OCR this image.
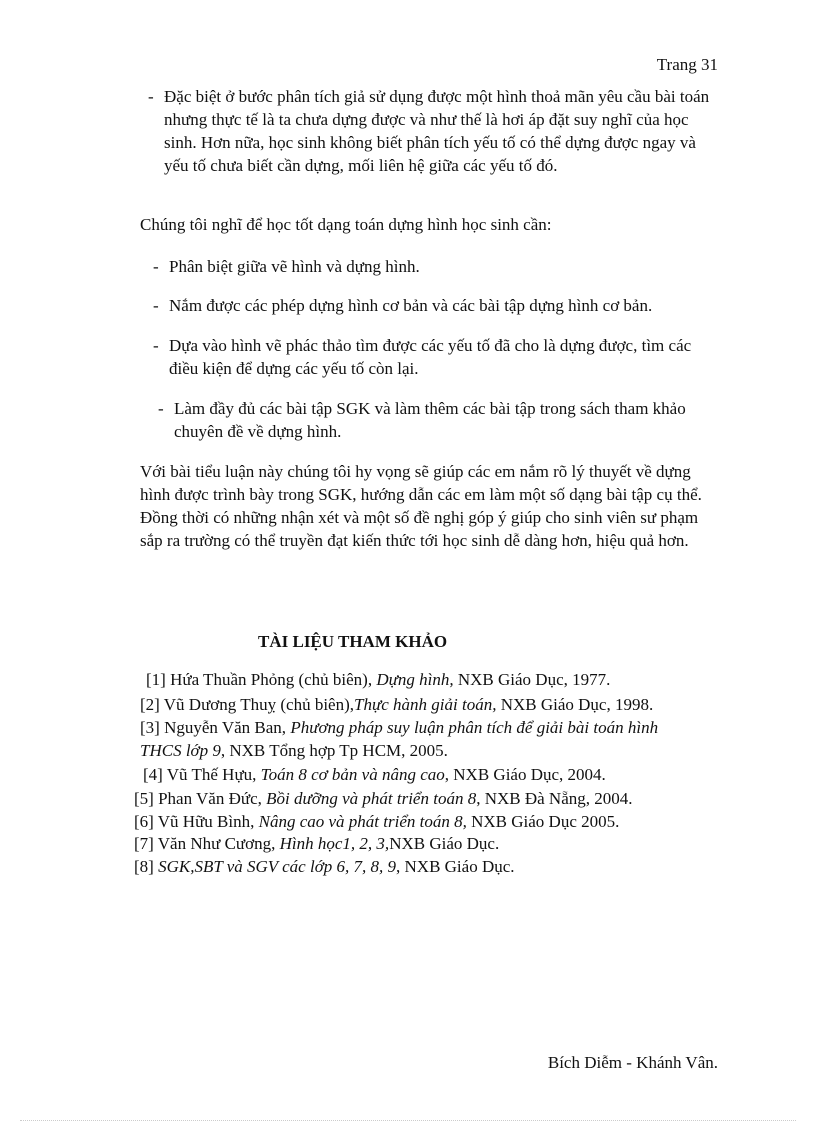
Trang 31
- Đặc biệt ở bước phân tích giả sử dụng được một hình thoả mãn yêu cầu bài toán nhưng thực tế là ta chưa dựng được và như thế là hơi áp đặt suy nghĩ của học sinh. Hơn nữa, học sinh không biết phân tích yếu tố có thể dựng được ngay và yếu tố chưa biết cần dựng, mối liên hệ giữa các yếu tố đó.
Chúng tôi nghĩ để học tốt dạng toán dựng hình học sinh cần:
- Phân biệt giữa vẽ hình và dựng hình.
- Nắm được các phép dựng hình cơ bản và các bài tập dựng hình cơ bản.
- Dựa vào hình vẽ phác thảo tìm được các yếu tố đã cho là dựng được, tìm các điều kiện để dựng các yếu tố còn lại.
- Làm đầy đủ các bài tập SGK và làm thêm các bài tập trong sách tham khảo chuyên đề về dựng hình.
Với bài tiểu luận này chúng tôi hy vọng sẽ giúp các em nắm rõ lý thuyết về dựng hình được trình bày trong SGK, hướng dẫn các em làm một số dạng bài tập cụ thể. Đồng thời có những nhận xét và một số đề nghị góp ý giúp cho sinh viên sư phạm sắp ra trường có thể truyền đạt kiến thức tới học sinh dễ dàng hơn, hiệu quả hơn.
TÀI LIỆU THAM KHẢO
[1] Hứa Thuần Phỏng (chủ biên), Dựng hình, NXB Giáo Dục, 1977.
[2] Vũ Dương Thuỵ (chủ biên),Thực hành giải toán, NXB Giáo Dục, 1998.
[3] Nguyễn Văn Ban, Phương pháp suy luận phân tích để giải bài toán hình
THCS lớp 9, NXB Tổng hợp Tp HCM, 2005.
[4] Vũ Thế Hựu, Toán 8 cơ bản và nâng cao, NXB Giáo Dục, 2004.
[5] Phan Văn Đức, Bồi dưỡng và phát triển toán 8, NXB Đà Nẵng, 2004.
[6] Vũ Hữu Bình, Nâng cao và phát triển toán 8, NXB Giáo Dục 2005.
[7] Văn Như Cương, Hình học1, 2, 3,NXB Giáo Dục.
[8] SGK,SBT và SGV các lớp 6, 7, 8, 9, NXB Giáo Dục.
Bích Diễm - Khánh Vân.
